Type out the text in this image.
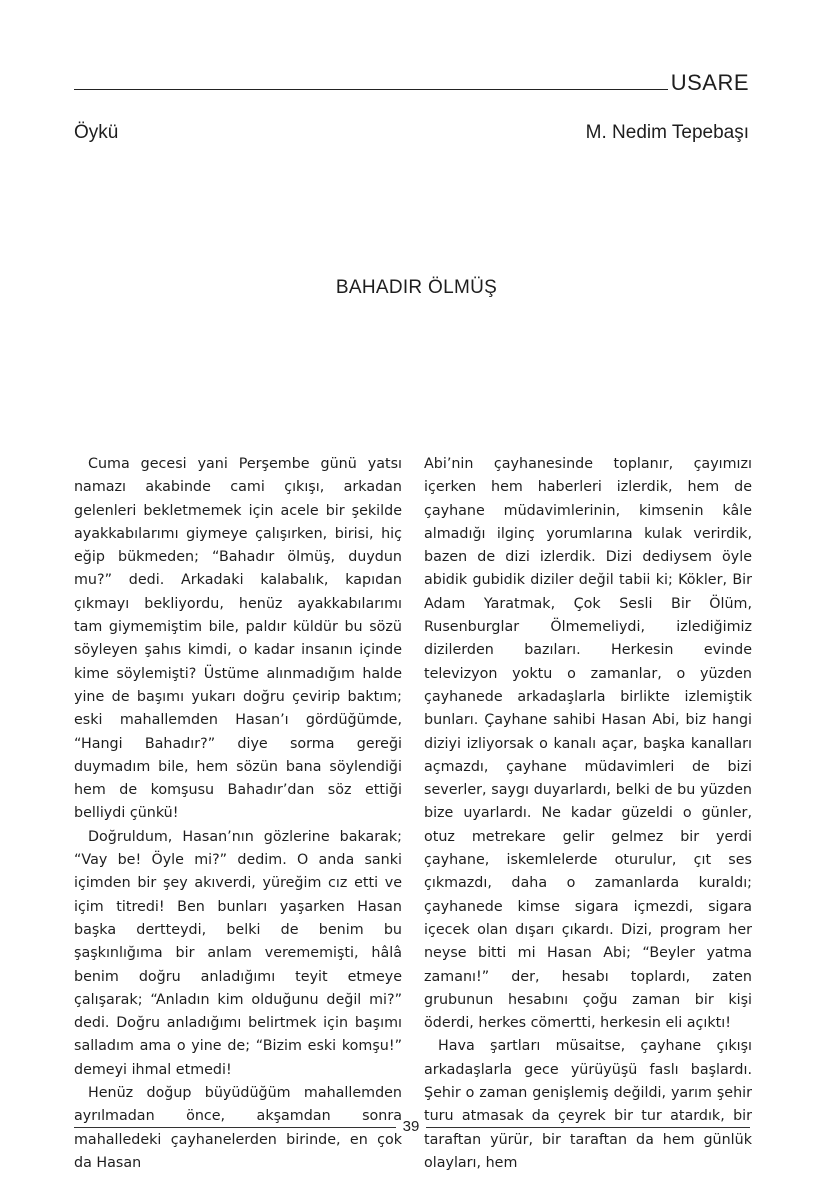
USARE
Öykü	M. Nedim Tepebaşı
BAHADIR ÖLMÜŞ

Cuma gecesi yani Perşembe günü yatsı namazı akabinde cami çıkışı, arkadan gelenleri bekletmemek için acele bir şekilde ayakkabılarımı giymeye çalışırken, birisi, hiç eğip bükmeden; “Bahadır ölmüş, duydun mu?” dedi. Arkadaki kalabalık, kapıdan çıkmayı bekliyordu, henüz ayakkabılarımı tam giymemiştim bile, paldır küldür bu sözü söyleyen şahıs kimdi, o kadar insanın içinde kime söylemişti? Üstüme alınmadığım halde yine de başımı yukarı doğru çevirip baktım; eski mahallemden Hasan’ı gördüğümde, “Hangi Bahadır?” diye sorma gereği duymadım bile, hem sözün bana söylendiği hem de komşusu Bahadır’dan söz ettiği belliydi çünkü!

Doğruldum, Hasan’nın gözlerine bakarak; “Vay be! Öyle mi?” dedim. O anda sanki içimden bir şey akıverdi, yüreğim cız etti ve içim titredi! Ben bunları yaşarken Hasan başka dertteydi, belki de benim bu şaşkınlığıma bir anlam verememişti, hâlâ benim doğru anladığımı teyit etmeye çalışarak; “Anladın kim olduğunu değil mi?” dedi. Doğru anladığımı belirtmek için başımı salladım ama o yine de; “Bizim eski komşu!” demeyi ihmal etmedi!

Henüz doğup büyüdüğüm mahallemden ayrılmadan önce, akşamdan sonra mahalledeki çayhanelerden birinde, en çok da Hasan

Abi’nin çayhanesinde toplanır, çayımızı içerken hem haberleri izlerdik, hem de çayhane müdavimlerinin, kimsenin kâle almadığı ilginç yorumlarına kulak verirdik, bazen de dizi izlerdik. Dizi dediysem öyle abidik gubidik diziler değil tabii ki; Kökler, Bir Adam Yaratmak, Çok Sesli Bir Ölüm, Rusenburglar Ölmemeliydi, izlediğimiz dizilerden bazıları. Herkesin evinde televizyon yoktu o zamanlar, o yüzden çayhanede arkadaşlarla birlikte izlemiştik bunları. Çayhane sahibi Hasan Abi, biz hangi diziyi izliyorsak o kanalı açar, başka kanalları açmazdı, çayhane müdavimleri de bizi severler, saygı duyarlardı, belki de bu yüzden bize uyarlardı. Ne kadar güzeldi o günler, otuz metrekare gelir gelmez bir yerdi çayhane, iskemlelerde oturulur, çıt ses çıkmazdı, daha o zamanlarda kuraldı; çayhanede kimse sigara içmezdi, sigara içecek olan dışarı çıkardı. Dizi, program her neyse bitti mi Hasan Abi; “Beyler yatma zamanı!” der, hesabı toplardı, zaten grubunun hesabını çoğu zaman bir kişi öderdi, herkes cömertti, herkesin eli açıktı!

Hava şartları müsaitse, çayhane çıkışı arkadaşlarla gece yürüyüşü faslı başlardı. Şehir o zaman genişlemiş değildi, yarım şehir turu atmasak da çeyrek bir tur atardık, bir taraftan yürür, bir taraftan da hem günlük olayları, hem

39
